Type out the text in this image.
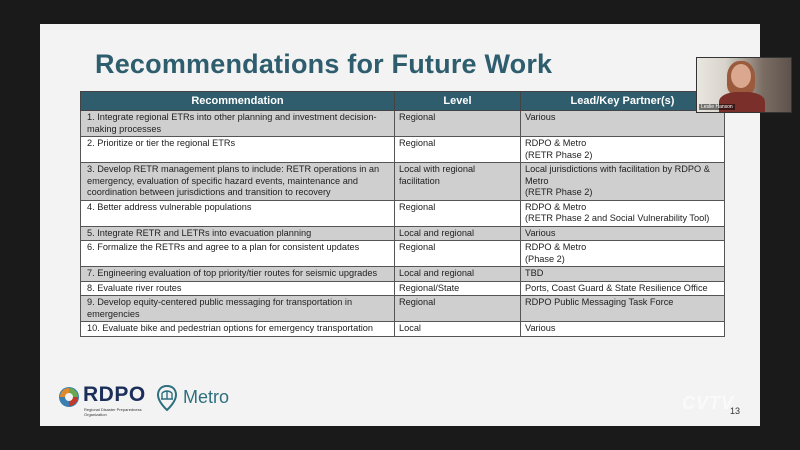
Recommendations for Future Work
Recommendation	Level	Lead/Key Partner(s)

1. Integrate regional ETRs into other planning and investment decision-making processes	Regional	Various

2. Prioritize or tier the regional ETRs	Regional	RDPO & Metro
(RETR Phase 2)

3. Develop RETR management plans to include: RETR operations in an emergency, evaluation of specific hazard events, maintenance and coordination between jurisdictions and transition to recovery	Local with regional facilitation	Local jurisdictions with facilitation by RDPO & Metro
(RETR Phase 2)

4. Better address vulnerable populations	Regional	RDPO & Metro
(RETR Phase 2 and Social Vulnerability Tool)

5. Integrate RETR and LETRs into evacuation planning	Local and regional	Various

6. Formalize the RETRs and agree to a plan for consistent updates	Regional	RDPO & Metro
(Phase 2)

7. Engineering evaluation of top priority/tier routes for seismic upgrades	Local and regional	TBD

8. Evaluate river routes	Regional/State	Ports, Coast Guard & State Resilience Office

9. Develop equity-centered public messaging for transportation in emergencies	Regional	RDPO Public Messaging Task Force

10. Evaluate bike and pedestrian options for emergency transportation	Local	Various
RDPO
Regional Disaster Preparedness Organization
Metro
13
CVTV
Leslie Hanson
